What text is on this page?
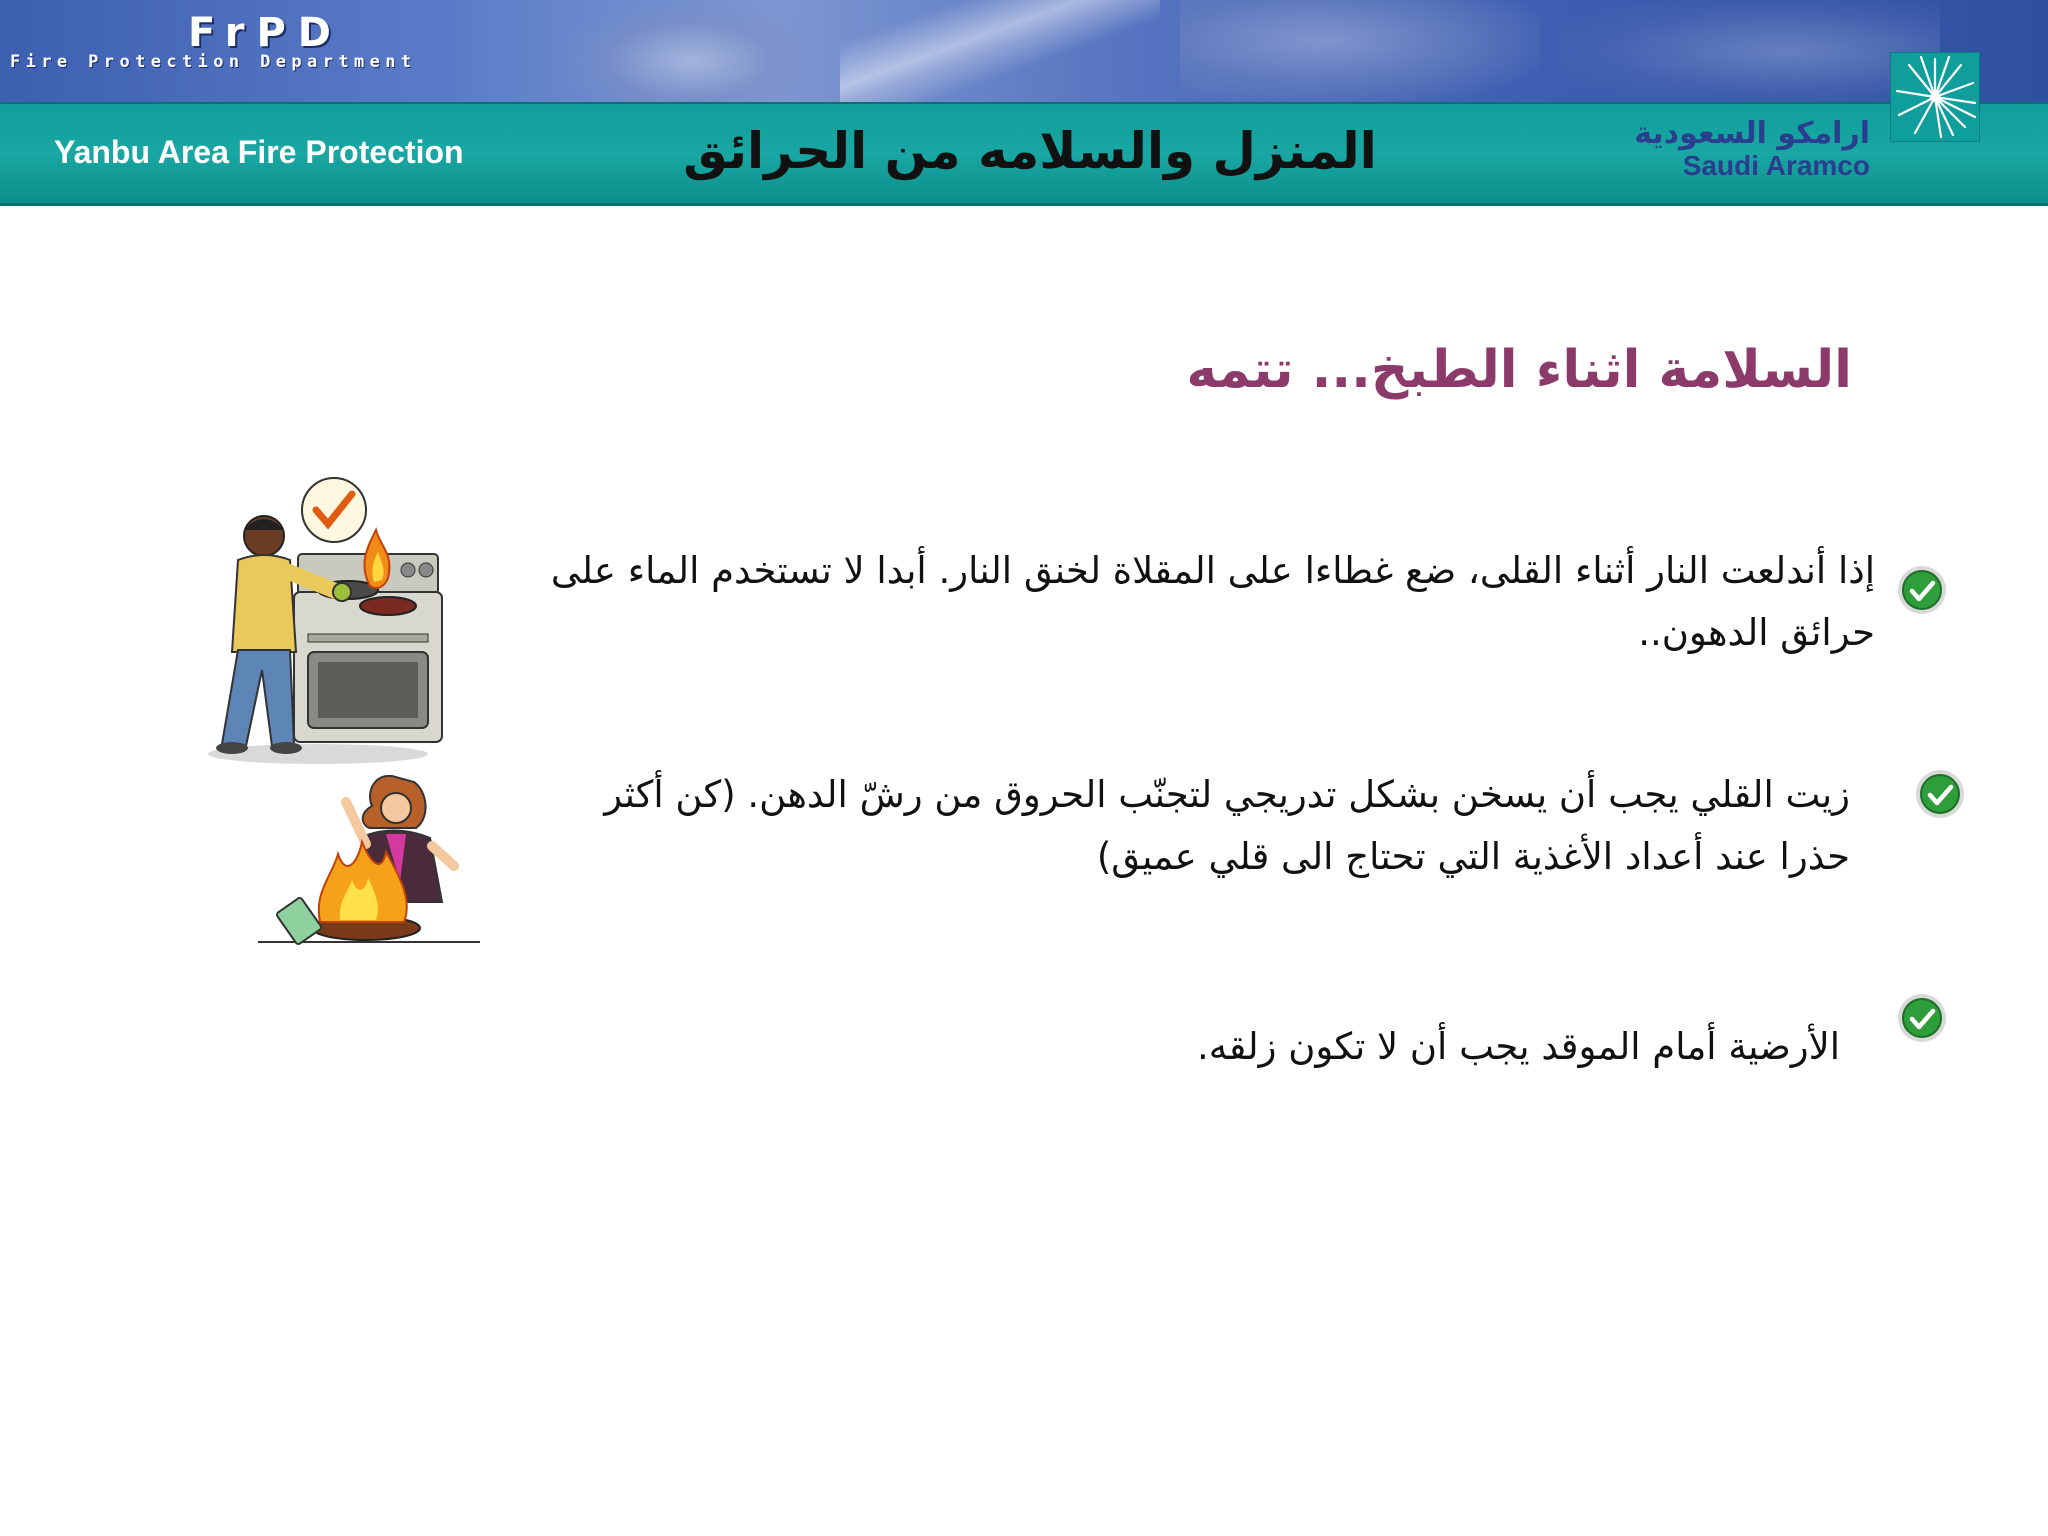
FrPD
Fire Protection Department
Yanbu Area Fire Protection	المنزل والسلامه من الحرائق	ارامكو السعودية
Saudi Aramco
السلامة اثناء الطبخ... تتمه
إذا أندلعت النار أثناء القلى، ضع غطاءا على المقلاة لخنق النار. أبدا لا تستخدم الماء على حرائق الدهون..
زيت القلي يجب أن يسخن بشكل تدريجي لتجنّب الحروق من رشّ الدهن. (كن أكثر حذرا عند أعداد الأغذية التي تحتاج الى قلي عميق)
الأرضية أمام الموقد يجب أن لا تكون زلقه.
